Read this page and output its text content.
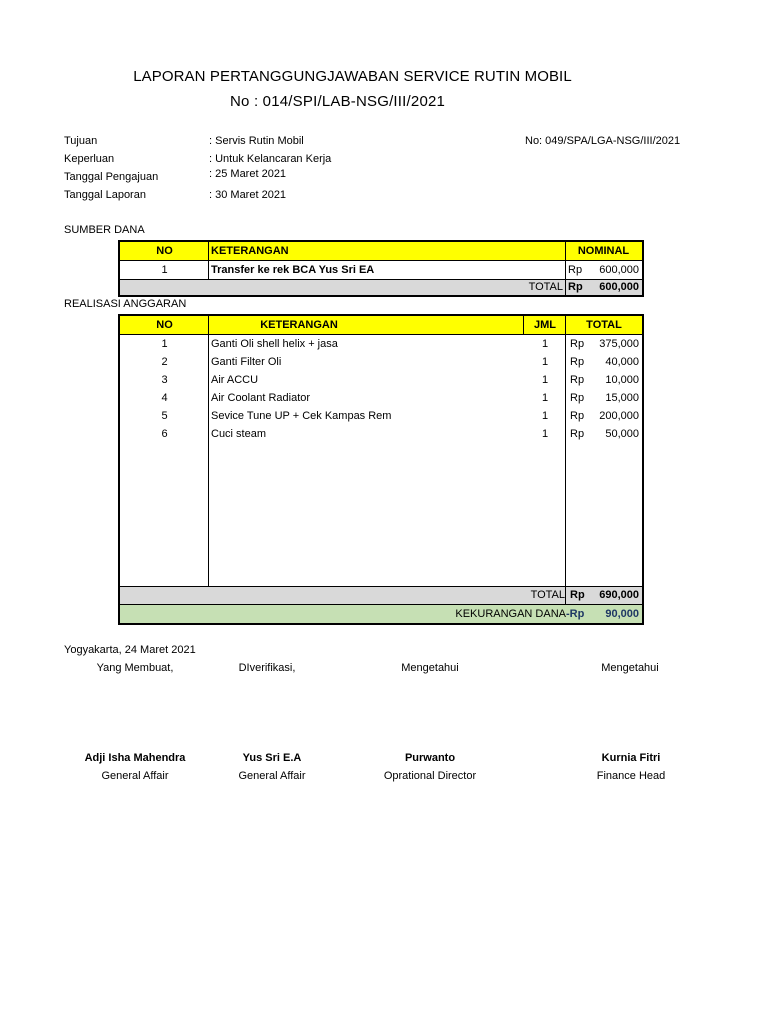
LAPORAN PERTANGGUNGJAWABAN SERVICE RUTIN MOBIL
No : 014/SPI/LAB-NSG/III/2021
Tujuan	: Servis Rutin Mobil
Keperluan	: Untuk Kelancaran Kerja
Tanggal Pengajuan	: 25 Maret 2021
Tanggal Laporan	: 30 Maret 2021
No: 049/SPA/LGA-NSG/III/2021
SUMBER DANA
NO	KETERANGAN	NOMINAL
1	Transfer ke rek BCA Yus Sri EA	Rp	600,000
TOTAL Rp	600,000
REALISASI ANGGARAN
NO	KETERANGAN	JML	TOTAL
1	Ganti Oli shell helix + jasa	1	Rp	375,000
2	Ganti Filter Oli	1	Rp	40,000
3	Air ACCU	1	Rp	10,000
4	Air Coolant Radiator	1	Rp	15,000
5	Sevice Tune UP + Cek Kampas Rem	1	Rp	200,000
6	Cuci steam	1	Rp	50,000
TOTAL Rp	690,000
KEKURANGAN DANA -Rp	90,000
Yogyakarta, 24 Maret 2021
Yang Membuat,	DIverifikasi,	Mengetahui	Mengetahui
Adji Isha Mahendra	Yus Sri E.A	Purwanto	Kurnia Fitri
General Affair	General Affair	Oprational Director	Finance Head
